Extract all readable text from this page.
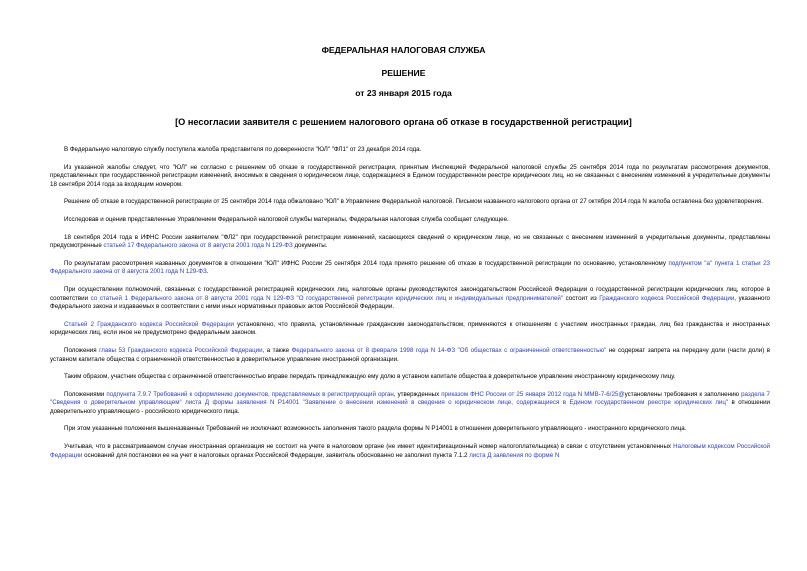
ФЕДЕРАЛЬНАЯ НАЛОГОВАЯ СЛУЖБА
РЕШЕНИЕ
от 23 января 2015 года
[О несогласии заявителя с решением налогового органа об отказе в государственной регистрации]

В Федеральную налоговую службу поступила жалоба представителя по доверенности "ЮЛ" "ФЛ1" от 23 декабря 2014 года.

Из указанной жалобы следует, что "ЮЛ" не согласно с решением об отказе в государственной регистрации, принятым Инспекцией Федеральной налоговой службы 25 сентября 2014 года по результатам рассмотрения документов, представленных при государственной регистрации изменений, вносимых в сведения о юридическом лице, содержащиеся в Едином государственном реестре юридических лиц, но не связанных с внесением изменений в учредительные документы 18 сентября 2014 года за входящим номером.

Решение об отказе в государственной регистрации от 25 сентября 2014 года обжаловано "ЮЛ" в Управление Федеральной налоговой. Письмом названного налогового органа от 27 октября 2014 года N жалоба оставлена без удовлетворения.

Исследовав и оценив представленные Управлением Федеральной налоговой службы материалы, Федеральная налоговая служба сообщает следующее.

18 сентября 2014 года в ИФНС России заявителем "ФЛ2" при государственной регистрации изменений, касающихся сведений о юридическом лице, но не связанных с внесением изменений в учредительные документы, представлены предусмотренные статьей 17 Федерального закона от 8 августа 2001 года N 129-ФЗ документы.

По результатам рассмотрения названных документов в отношении "ЮЛ" ИФНС России 25 сентября 2014 года принято решение об отказе в государственной регистрации по основанию, установленному подпунктом "а" пункта 1 статьи 23 Федерального закона от 8 августа 2001 года N 129-ФЗ.

При осуществлении полномочий, связанных с государственной регистрацией юридических лиц, налоговые органы руководствуются законодательством Российской Федерации о государственной регистрации юридических лиц, которое в соответствии со статьей 1 Федерального закона от 8 августа 2001 года N 129-ФЗ "О государственной регистрации юридических лиц и индивидуальных предпринимателей" состоит из Гражданского кодекса Российской Федерации, указанного Федерального закона и издаваемых в соответствии с ними иных нормативных правовых актов Российской Федерации.

Статьей 2 Гражданского кодекса Российской Федерации установлено, что правила, установленные гражданским законодательством, применяются к отношениям с участием иностранных граждан, лиц без гражданства и иностранных юридических лиц, если иное не предусмотрено федеральным законом.

Положения главы 53 Гражданского кодекса Российской Федерации, а также Федерального закона от 8 февраля 1998 года N 14-ФЗ "Об обществах с ограниченной ответственностью" не содержат запрета на передачу доли (части доли) в уставном капитале общества с ограниченной ответственностью в доверительное управление иностранной организации.

Таким образом, участник общества с ограниченной ответственностью вправе передать принадлежащую ему долю в уставном капитале общества в доверительное управление иностранному юридическому лицу.

Положениями подпункта 7.9.7 Требований к оформлению документов, представляемых в регистрирующий орган, утвержденных приказом ФНС России от 25 января 2012 года N ММВ-7-6/25@установлены требования к заполнению раздела 7 "Сведения о доверительном управляющем" листа Д формы заявления N Р14001 "Заявление о внесении изменений в сведения о юридическом лице, содержащиеся в Едином государственном реестре юридических лиц" в отношении доверительного управляющего - российского юридического лица.

При этом указанные положения вышеназванных Требований не исключают возможность заполнения такого раздела формы N Р14001 в отношении доверительного управляющего - иностранного юридического лица.

Учитывая, что в рассматриваемом случае иностранная организация не состоит на учете в налоговом органе (не имеет идентификационный номер налогоплательщика) в связи с отсутствием установленных Налоговым кодексом Российской Федерации оснований для постановки ее на учет в налоговых органах Российской Федерации, заявитель обоснованно не заполнил пункта 7.1.2 листа Д заявления по форме N
